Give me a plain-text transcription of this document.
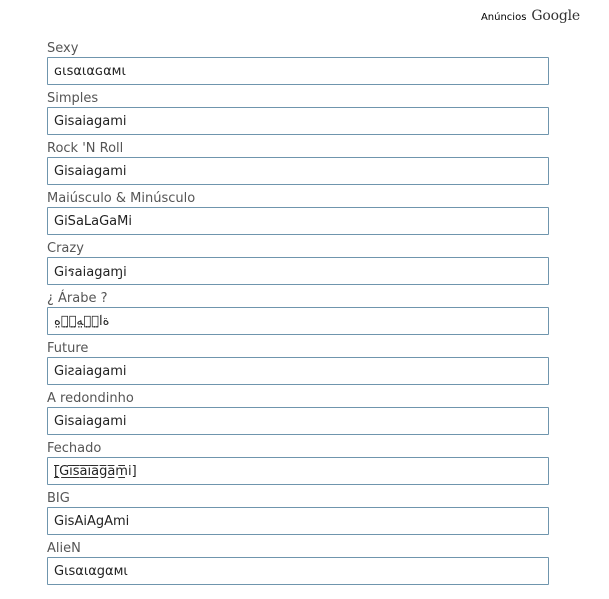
Anúncios Google
Sexy
ɢιsαιαɢαмι
Simples
Gisaiagami
Rock 'N Roll
Gisaiagami
Maiúsculo & Minúsculo
GiSaLaGaMi
Crazy
Giรaiagaɱi
¿ Árabe ?
ةآ̤ٳ̤ٳ̤ﻪ̤ٳ̤ٳ̤ﻩ
Future
Giƨaiagami
A redondinho
Gisaiagami
Fechado
[̲̅G̲̅i̲̅s̲̅a̲̅i̲̅a̲̅g̲̅a̲̅m̲̅i]
BIG
GisAiAgAmi
AlieN
Gιѕαιαgαмι
